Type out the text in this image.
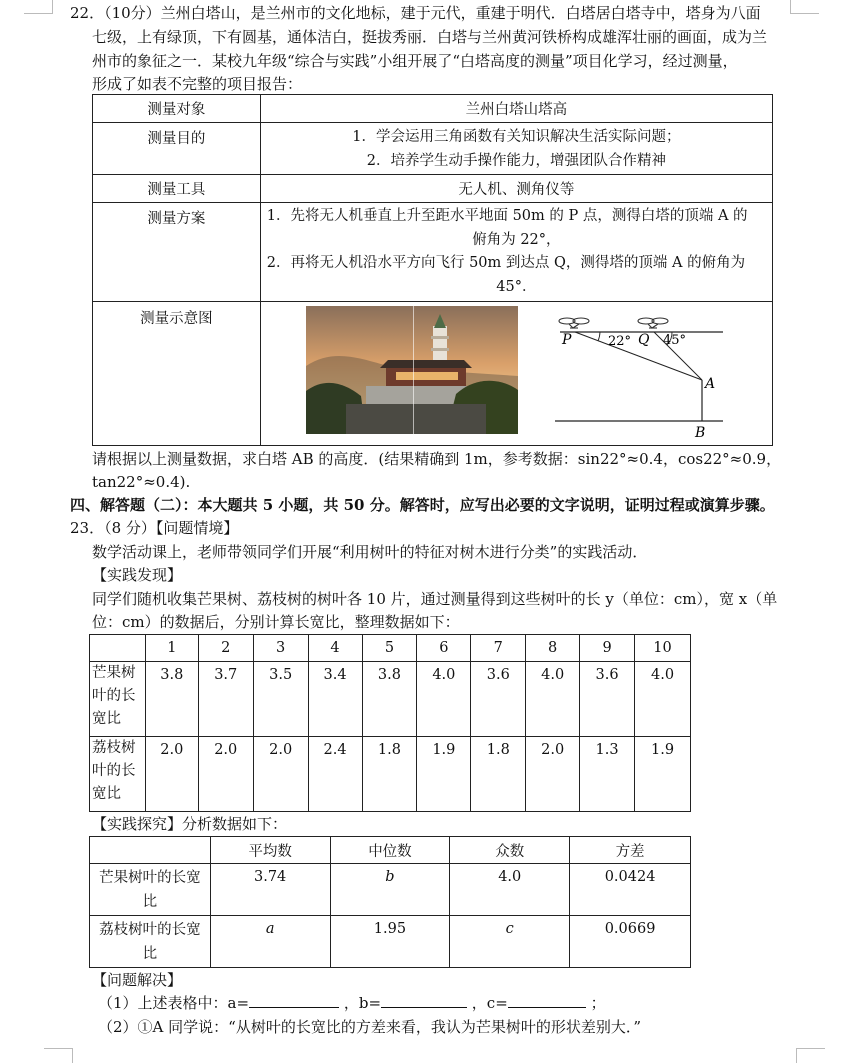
22．（10分）兰州白塔山，是兰州市的文化地标，建于元代，重建于明代．白塔居白塔寺中，塔身为八面
七级，上有绿顶，下有圆基，通体洁白，挺拔秀丽．白塔与兰州黄河铁桥构成雄浑壮丽的画面，成为兰
州市的象征之一．某校九年级“综合与实践”小组开展了“白塔高度的测量”项目化学习，经过测量，
形成了如表不完整的项目报告：
测量对象	兰州白塔山塔高
测量目的	1．学会运用三角函数有关知识解决生活实际问题；
2．培养学生动手操作能力，增强团队合作精神

测量工具	无人机、测角仪等
测量方案	1．先将无人机垂直上升至距水平地面 50m 的 P 点，测得白塔的顶端 A 的
俯角为 22°，
2．再将无人机沿水平方向飞行 50m 到达点 Q，测得塔的顶端 A 的俯角为
45°．

测量示意图	
P	22° Q 45°
A
B
请根据以上测量数据，求白塔 AB 的高度．(结果精确到 1m，参考数据：sin22°≈0.4，cos22°≈0.9，
tan22°≈0.4).
四、解答题（二）：本大题共 5 小题，共 50 分。解答时，应写出必要的文字说明，证明过程或演算步骤。
23．（8 分）【问题情境】
数学活动课上，老师带领同学们开展“利用树叶的特征对树木进行分类”的实践活动．
【实践发现】
同学们随机收集芒果树、荔枝树的树叶各 10 片，通过测量得到这些树叶的长 y（单位：cm），宽 x（单
位：cm）的数据后，分别计算长宽比，整理数据如下：
	1	2	3	4	5	6	7	8	9	10

芒果树
叶的长
宽比	3.8	3.7	3.5	3.4	3.8	4.0	3.6	4.0	3.6	4.0

荔枝树
叶的长
宽比	2.0	2.0	2.0	2.4	1.8	1.9	1.8	2.0	1.3	1.9
【实践探究】分析数据如下：
	平均数	中位数	众数	方差

芒果树叶的长宽
比	3.74	b	4.0	0.0424

荔枝树叶的长宽
比	a	1.95	c	0.0669
【问题解决】
（1）上述表格中：a=	，b=	，c=	；
（2）①A 同学说：“从树叶的长宽比的方差来看，我认为芒果树叶的形状差别大．”
